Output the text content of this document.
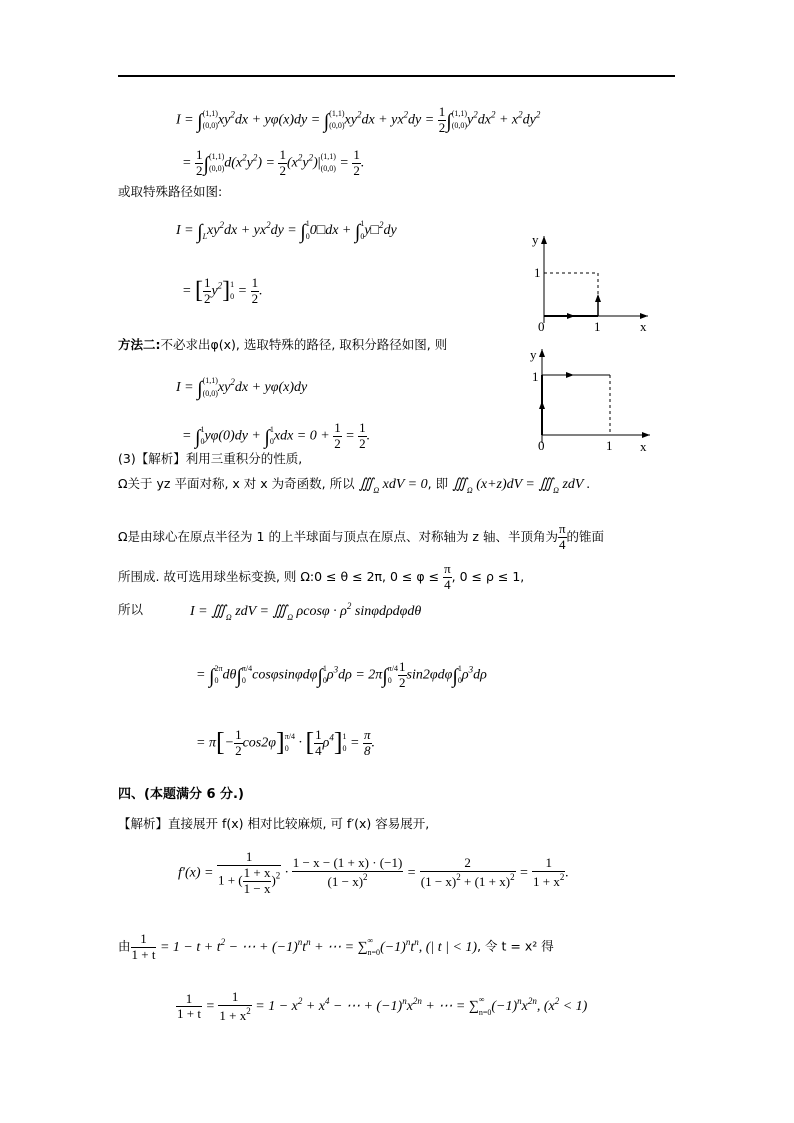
I = ∫ (1,1)
(0,0) $xy^2dx + y\varphi(x)dy$ = ∫ (1,1)
(0,0) $xy^2dx + yx^2dy = \frac{1}{2}$ ∫ (1,1)
(0,0) $y^2dx^2 + x^2dy^2$
= $\frac{1}{2}$ ∫ (1,1)
(0,0) $d(x^2y^2) = \frac{1}{2} (x^2y^2)|$ (1,1)
$(0,0) = \frac{1}{2}$ .
或取特殊路径如图:
$I = \int_Lxy^2dx + yx^2dy$ = ∫ 1
0 0□dx + ∫ 1
0 y□$^2$dy
= [ $\frac{1}{2} y^2$] 1
$0 = \frac{1}{2}$ .
y
1
0	1	x
方法二:不必求出φ(x), 选取特殊的路径, 取积分路径如图, 则
I = ∫ (1,1)
(0,0) $xy^2dx + y\varphi(x)dy$
= ∫ 1
0 yφ(0)dy + ∫ 1
0 xdx = $0 + \frac{1}{2} = \frac{1}{2}$ .
y
1
0	1 x
(3)【解析】利用三重积分的性质,
Ω关于 yz 平面对称, x 对 x 为奇函数, 所以 $∭_\Omega$ xdV = 0, 即 $∭_\Omega$ $(x+z)dV = ∭_\Omega$ zdV .
Ω是由球心在原点半径为 1 的上半球面与顶点在原点、对称轴为 z 轴、半顶角为 $\frac{\pi}{4}$ 的锥面
所围成. 故可选用球坐标变换, 则 Ω:0 ≤ θ ≤ 2π, $0 \le \varphi \le \frac{\pi}{4}$ , 0 ≤ ρ ≤ 1,
所以	$I = ∭_\Omega$ zdV = $∭_\Omega$ $\rho\cos\varphi \cdot \rho^2$ sinφdρdφdθ
= ∫ 2π
0 dθ∫ π/4
0 cosφsinφdφ∫ 1
0 $\rho^3d\rho = 2\pi\int$ π/4
$0 \frac{1}{2} \sin 2\varphi d\varphi\int$ 1
0 $\rho^3d\rho$
= $\pi[- \frac{1}{2} \cos 2\varphi]$ π/4
0 · [ $\frac{1}{4} \rho^4$] 1
$0 = \frac{\pi}{8}$ .
四、(本题满分 6 分.)
【解析】直接展开 f(x) 相对比较麻烦, 可 f′(x) 容易展开,
$f'(x) = \frac{1}{1 + ( \frac{1 + x}{1 - x} )^2} \cdot \frac{1 - x - (1 + x) \cdot (-1)}{(1 - x)^2} = \frac{2}{(1 - x)^2 + (1 + x)^2} = \frac{1}{1 + x^2}$ .
由 $\frac{1}{1 + t} = 1 - t + t^2$ − ⋯ + $(-1)^nt^n$ + ⋯ = ∑ ∞
n=0 $(-1)^nt^n$, (| t | < 1), 令 t = x² 得
$\frac{1}{1 + t} = \frac{1}{1 + x^2} = 1 - x^2 + x^4$ − ⋯ + $(-1)^nx^{2n}$ + ⋯ = ∑ ∞
n=0 $(-1)^nx^{2n}$, $(x^2 < 1)$
